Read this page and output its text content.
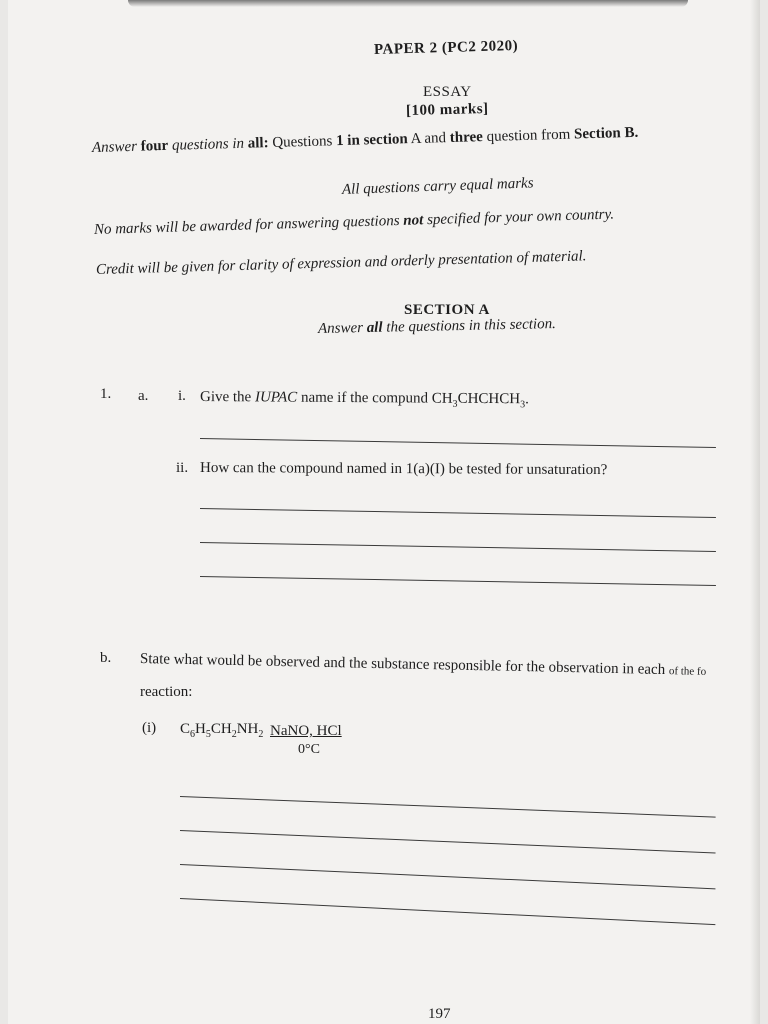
PAPER 2 (PC2 2020)
ESSAY
[100 marks]
Answer four questions in all: Questions 1 in section A and three question from Section B.
All questions carry equal marks
No marks will be awarded for answering questions not specified for your own country.
Credit will be given for clarity of expression and orderly presentation of material.
SECTION A
Answer all the questions in this section.
1. a. i. Give the IUPAC name if the compund $CH_3CHCHCH_3$.
ii. How can the compound named in 1(a)(I) be tested for unsaturation?
b. State what would be observed and the substance responsible for the observation in each of the fo
reaction:
(i) $C_6H_5CH_2NH_2$ NaNO, HCl
0°C
197
